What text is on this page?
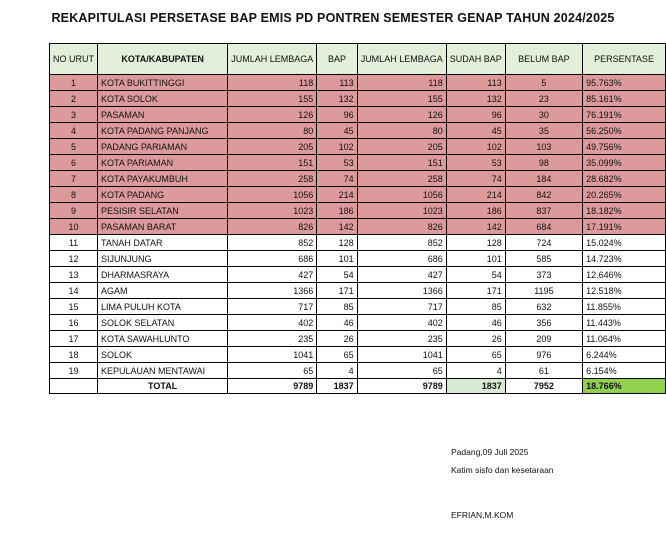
REKAPITULASI PERSETASE BAP EMIS PD PONTREN SEMESTER GENAP TAHUN 2024/2025
NO URUT	KOTA/KABUPATEN	JUMLAH LEMBAGA	BAP	JUMLAH LEMBAGA	SUDAH BAP	BELUM BAP	PERSENTASE
1	KOTA BUKITTINGGI	118	113	118	113	5	95.763%
2	KOTA SOLOK	155	132	155	132	23	85.161%
3	PASAMAN	126	96	126	96	30	76.191%
4	KOTA PADANG PANJANG	80	45	80	45	35	56.250%
5	PADANG PARIAMAN	205	102	205	102	103	49.756%
6	KOTA PARIAMAN	151	53	151	53	98	35.099%
7	KOTA PAYAKUMBUH	258	74	258	74	184	28.682%
8	KOTA PADANG	1056	214	1056	214	842	20.265%
9	PESISIR SELATAN	1023	186	1023	186	837	18.182%
10	PASAMAN BARAT	826	142	826	142	684	17.191%
11	TANAH DATAR	852	128	852	128	724	15.024%
12	SIJUNJUNG	686	101	686	101	585	14.723%
13	DHARMASRAYA	427	54	427	54	373	12.646%
14	AGAM	1366	171	1366	171	1195	12.518%
15	LIMA PULUH KOTA	717	85	717	85	632	11.855%
16	SOLOK SELATAN	402	46	402	46	356	11.443%
17	KOTA SAWAHLUNTO	235	26	235	26	209	11.064%
18	SOLOK	1041	65	1041	65	976	6.244%
19	KEPULAUAN MENTAWAI	65	4	65	4	61	6.154%
	TOTAL	9789	1837	9789	1837	7952	18.766%
Padang,09 Juli 2025
Katim sisfo dan kesetaraan
EFRIAN,M.KOM
